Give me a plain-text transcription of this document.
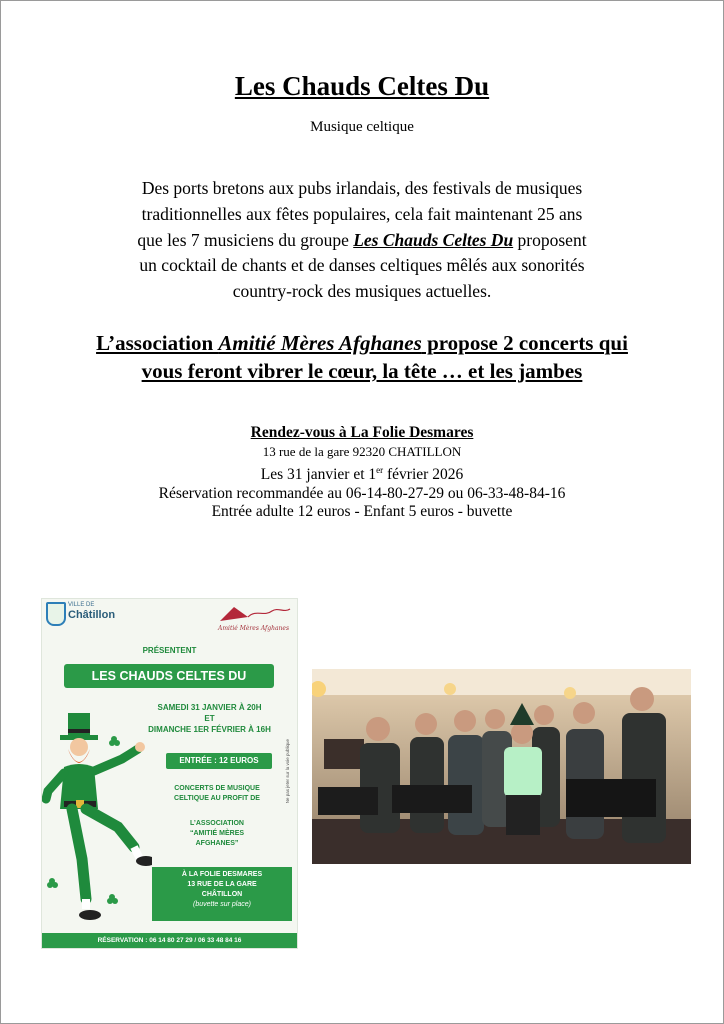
Les Chauds Celtes Du
Musique celtique
Des ports bretons aux pubs irlandais, des festivals de musiques
traditionnelles aux fêtes populaires, cela fait maintenant 25 ans
que les 7 musiciens du groupe Les Chauds Celtes Du proposent
un cocktail de chants et de danses celtiques mêlés aux sonorités
country-rock des musiques actuelles.
L’association Amitié Mères Afghanes propose 2 concerts qui
vous feront vibrer le cœur, la tête … et les jambes
Rendez-vous à La Folie Desmares
13 rue de la gare 92320 CHATILLON
Les 31 janvier et 1er février 2026
Réservation recommandée au 06-14-80-27-29 ou 06-33-48-84-16
Entrée adulte 12 euros - Enfant 5 euros - buvette
VILLE DE
Châtillon
Amitié Mères Afghanes
PRÉSENTENT
LES CHAUDS CELTES DU
SAMEDI 31 JANVIER À 20H
ET
DIMANCHE 1ER FÉVRIER À 16H
ENTRÉE : 12 EUROS
CONCERTS DE MUSIQUE
CELTIQUE AU PROFIT DE
L’ASSOCIATION
“AMITIÉ MÈRES
AFGHANES”
À LA FOLIE DESMARES
13 RUE DE LA GARE
CHÂTILLON
(buvette sur place)
Ne pas jeter sur la voie publique
RÉSERVATION : 06 14 80 27 29 / 06 33 48 84 16
